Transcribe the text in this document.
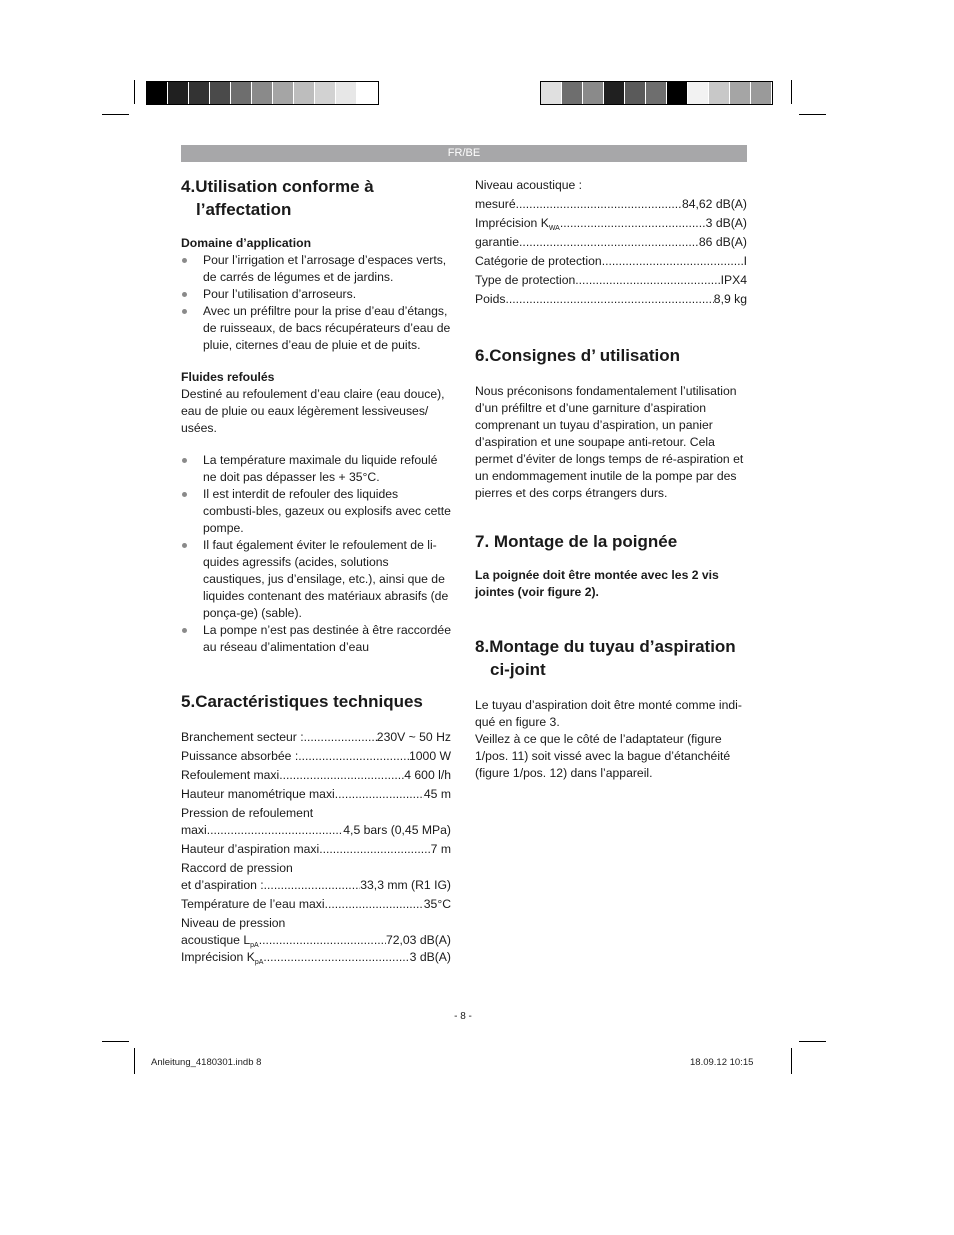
FR/BE
4.Utilisation conforme à l’affectation

Domaine d’application

Pour l’irrigation et l’arrosage d’espaces verts, de carrés de légumes et de jardins.
Pour l’utilisation d’arroseurs.
Avec un préfiltre pour la prise d’eau d’étangs, de ruisseaux, de bacs récupérateurs d’eau de pluie, citernes d’eau de pluie et de puits.

Fluides refoulés

Destiné au refoulement d’eau claire (eau douce), eau de pluie ou eaux légèrement lessiveuses/ usées.

La température maximale du liquide refoulé ne doit pas dépasser les + 35°C.
Il est interdit de refouler des liquides combusti-bles, gazeux ou explosifs avec cette pompe.
Il faut également éviter le refoulement de li-quides agressifs (acides, solutions caustiques, jus d’ensilage, etc.), ainsi que de liquides contenant des matériaux abrasifs (de ponça-ge) (sable).
La pompe n’est pas destinée à être raccordée au réseau d’alimentation d’eau
5.Caractéristiques techniques
Branchement secteur : .....	230V ~ 50 Hz
Puissance absorbée : .....	1000 W
Refoulement maxi. .....	4 600 l/h
Hauteur manométrique maxi. .....	45 m

Pression de refoulement

maxi. .....	4,5 bars (0,45 MPa)
Hauteur d’aspiration maxi .....	7 m

Raccord de pression

et d’aspiration : .....	33,3 mm (R1 IG)
Température de l’eau maxi .....	35°C

Niveau de pression

acoustique $L_{pA}$ .....	72,03 dB(A)
Imprécision $K_{pA}$ .....	3 dB(A)

Niveau acoustique :

mesuré .....	84,62 dB(A)
Imprécision $K_{WA}$ .....	3 dB(A)
garantie .....	86 dB(A)
Catégorie de protection .....	I
Type de protection .....	IPX4
Poids .....	8,9 kg
6.Consignes d’ utilisation

Nous préconisons fondamentalement l’utilisation d’un préfiltre et d’une garniture d’aspiration comprenant un tuyau d’aspiration, un panier d’aspiration et une soupape anti-retour. Cela permet d’éviter de longs temps de ré-aspiration et un endommagement inutile de la pompe par des pierres et des corps étrangers durs.

7. Montage de la poignée

La poignée doit être montée avec les 2 vis jointes (voir figure 2).

8.Montage du tuyau d’aspiration ci-joint

Le tuyau d’aspiration doit être monté comme indi-qué en figure 3.

Veillez à ce que le côté de l’adaptateur (figure 1/pos. 11) soit vissé avec la bague d’étanchéité (figure 1/pos. 12) dans l’appareil.

- 8 -
Anleitung_4180301.indb 8	18.09.12 10:15
